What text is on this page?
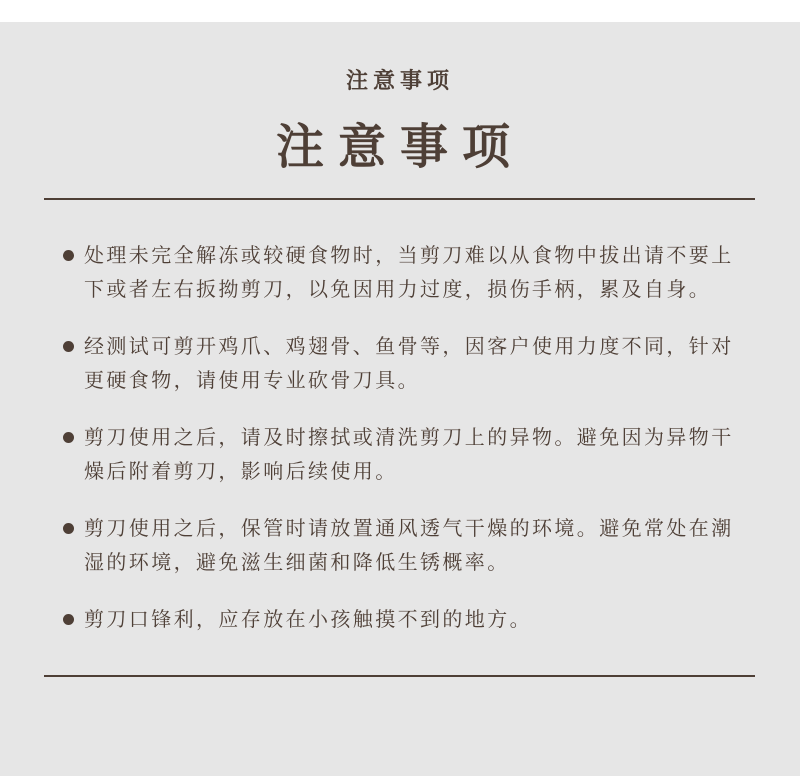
注意事项
注意事项
处理未完全解冻或较硬食物时，当剪刀难以从食物中拔出请不要上下或者左右扳拗剪刀，以免因用力过度，损伤手柄，累及自身。
经测试可剪开鸡爪、鸡翅骨、鱼骨等，因客户使用力度不同，针对更硬食物，请使用专业砍骨刀具。
剪刀使用之后，请及时擦拭或清洗剪刀上的异物。避免因为异物干燥后附着剪刀，影响后续使用。
剪刀使用之后，保管时请放置通风透气干燥的环境。避免常处在潮湿的环境，避免滋生细菌和降低生锈概率。
剪刀口锋利，应存放在小孩触摸不到的地方。
